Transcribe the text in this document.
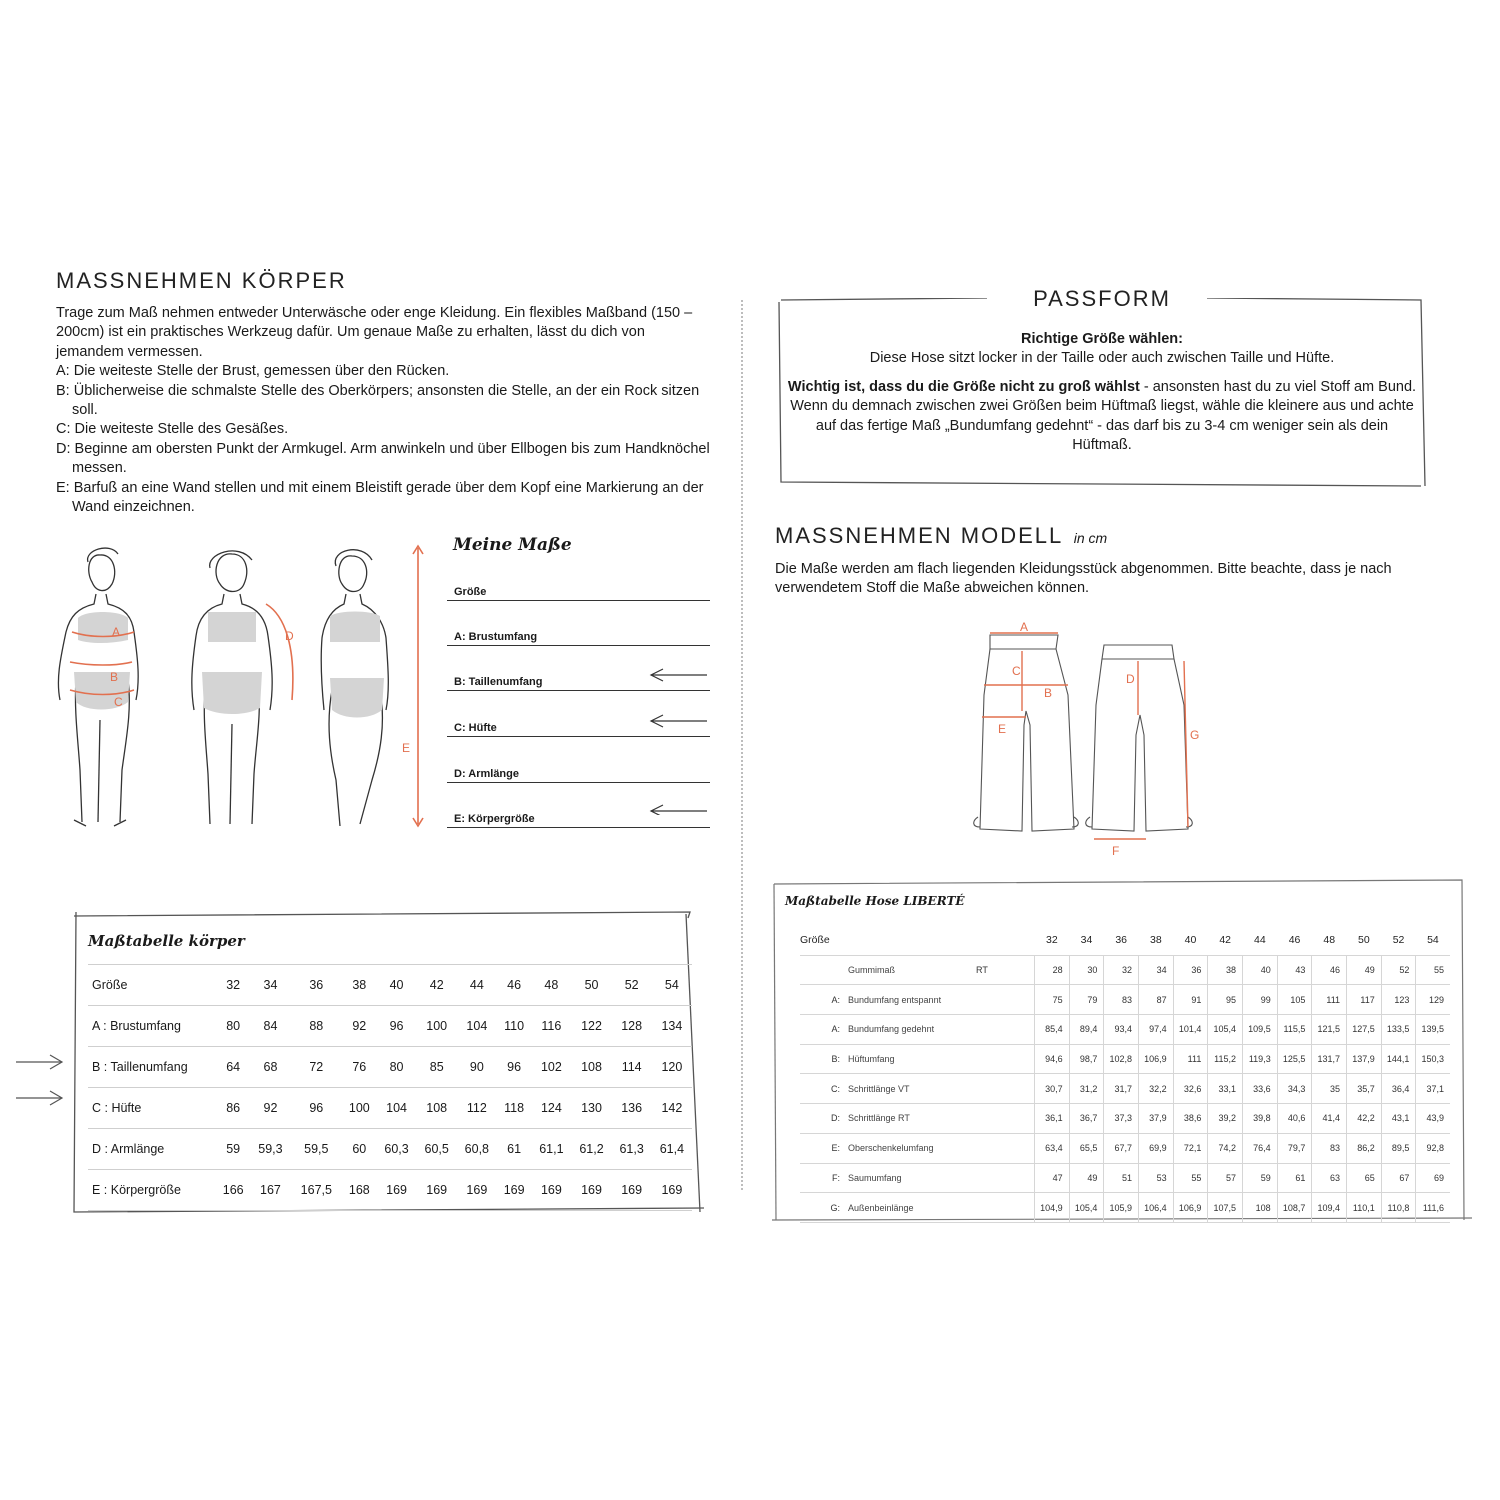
MASSNEHMEN KÖRPER

Trage zum Maß nehmen entweder Unterwäsche oder enge Kleidung. Ein flexibles Maßband (150 – 200cm) ist ein praktisches Werkzeug dafür. Um genaue Maße zu erhalten, lässt du dich von jemandem vermessen.

A: Die weiteste Stelle der Brust, gemessen über den Rücken.

B: Üblicherweise die schmalste Stelle des Oberkörpers; ansonsten die Stelle, an der ein Rock sitzen soll.

C: Die weiteste Stelle des Gesäßes.

D: Beginne am obersten Punkt der Armkugel. Arm anwinkeln und über Ellbogen bis zum Handknöchel messen.

E: Barfuß an eine Wand stellen und mit einem Bleistift gerade über dem Kopf eine Markierung an der Wand einzeichnen.

A
B
C
D
E
Meine Maße
Größe
A: Brustumfang
B: Taillenumfang
C: Hüfte
D: Armlänge
E: Körpergröße
Maßtabelle körper
Größe	32	34	36	38	40	42	44	46	48	50	52	54
A : Brustumfang	80	84	88	92	96	100	104	110	116	122	128	134
B : Taillenumfang	64	68	72	76	80	85	90	96	102	108	114	120
C : Hüfte	86	92	96	100	104	108	112	118	124	130	136	142
D : Armlänge	59	59,3	59,5	60	60,3	60,5	60,8	61	61,1	61,2	61,3	61,4
E : Körpergröße	166	167	167,5	168	169	169	169	169	169	169	169	169
PASSFORM

Richtige Größe wählen:

Diese Hose sitzt locker in der Taille oder auch zwischen Taille und Hüfte.

Wichtig ist, dass du die Größe nicht zu groß wählst - ansonsten hast du zu viel Stoff am Bund. Wenn du demnach zwischen zwei Größen beim Hüftmaß liegst, wähle die kleinere aus und achte auf das fertige Maß „Bundumfang gedehnt“ - das darf bis zu 3-4 cm weniger sein als dein Hüftmaß.

MASSNEHMEN MODELL in cm
Die Maße werden am flach liegenden Kleidungsstück abgenommen. Bitte beachte, dass je nach verwendetem Stoff die Maße abweichen können.
A
C
B
E
D
G
F
Maßtabelle Hose LIBERTÉ
Größe			32	34	36	38	40	42	44	46	48	50	52	54
	Gummimaß	RT	28	30	32	34	36	38	40	43	46	49	52	55
A:	Bundumfang entspannt		75	79	83	87	91	95	99	105	111	117	123	129
A:	Bundumfang gedehnt		85,4	89,4	93,4	97,4	101,4	105,4	109,5	115,5	121,5	127,5	133,5	139,5
B:	Hüftumfang		94,6	98,7	102,8	106,9	111	115,2	119,3	125,5	131,7	137,9	144,1	150,3
C:	Schrittlänge VT		30,7	31,2	31,7	32,2	32,6	33,1	33,6	34,3	35	35,7	36,4	37,1
D:	Schrittlänge RT		36,1	36,7	37,3	37,9	38,6	39,2	39,8	40,6	41,4	42,2	43,1	43,9
E:	Oberschenkelumfang		63,4	65,5	67,7	69,9	72,1	74,2	76,4	79,7	83	86,2	89,5	92,8
F:	Saumumfang		47	49	51	53	55	57	59	61	63	65	67	69
G:	Außenbeinlänge		104,9	105,4	105,9	106,4	106,9	107,5	108	108,7	109,4	110,1	110,8	111,6
